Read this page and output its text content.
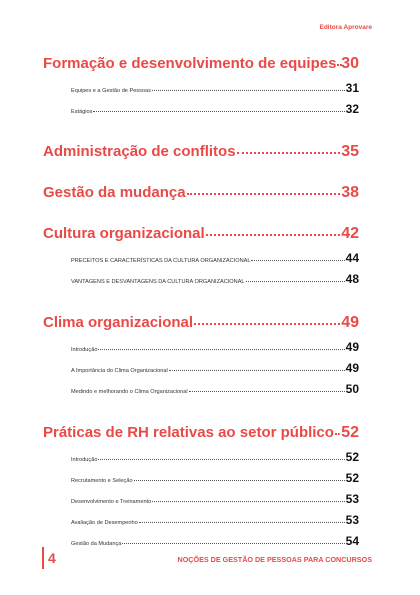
Editora Aprovare
Formação e desenvolvimento de equipes 30
Equipes e a Gestão de Pessoas	31
Estágios	32
Administração de conflitos	35
Gestão da mudança	38
Cultura organizacional	42
PRECEITOS E CARACTERÍSTICAS DA CULTURA ORGANIZACIONAL	44
VANTAGENS E DESVANTAGENS DA CULTURA ORGANIZACIONAL	48
Clima organizacional	49
Introdução	49
A Importância do Clima Organizacional	49
Medindo e melhorando o Clima Organizacional	50
Práticas de RH relativas ao setor público 52
Introdução	52
Recrutamento e Seleção	52
Desenvolvimento e Treinamento	53
Avaliação de Desempenho	53
Gestão da Mudança	54
4	NOÇÕES DE GESTÃO DE PESSOAS PARA CONCURSOS
